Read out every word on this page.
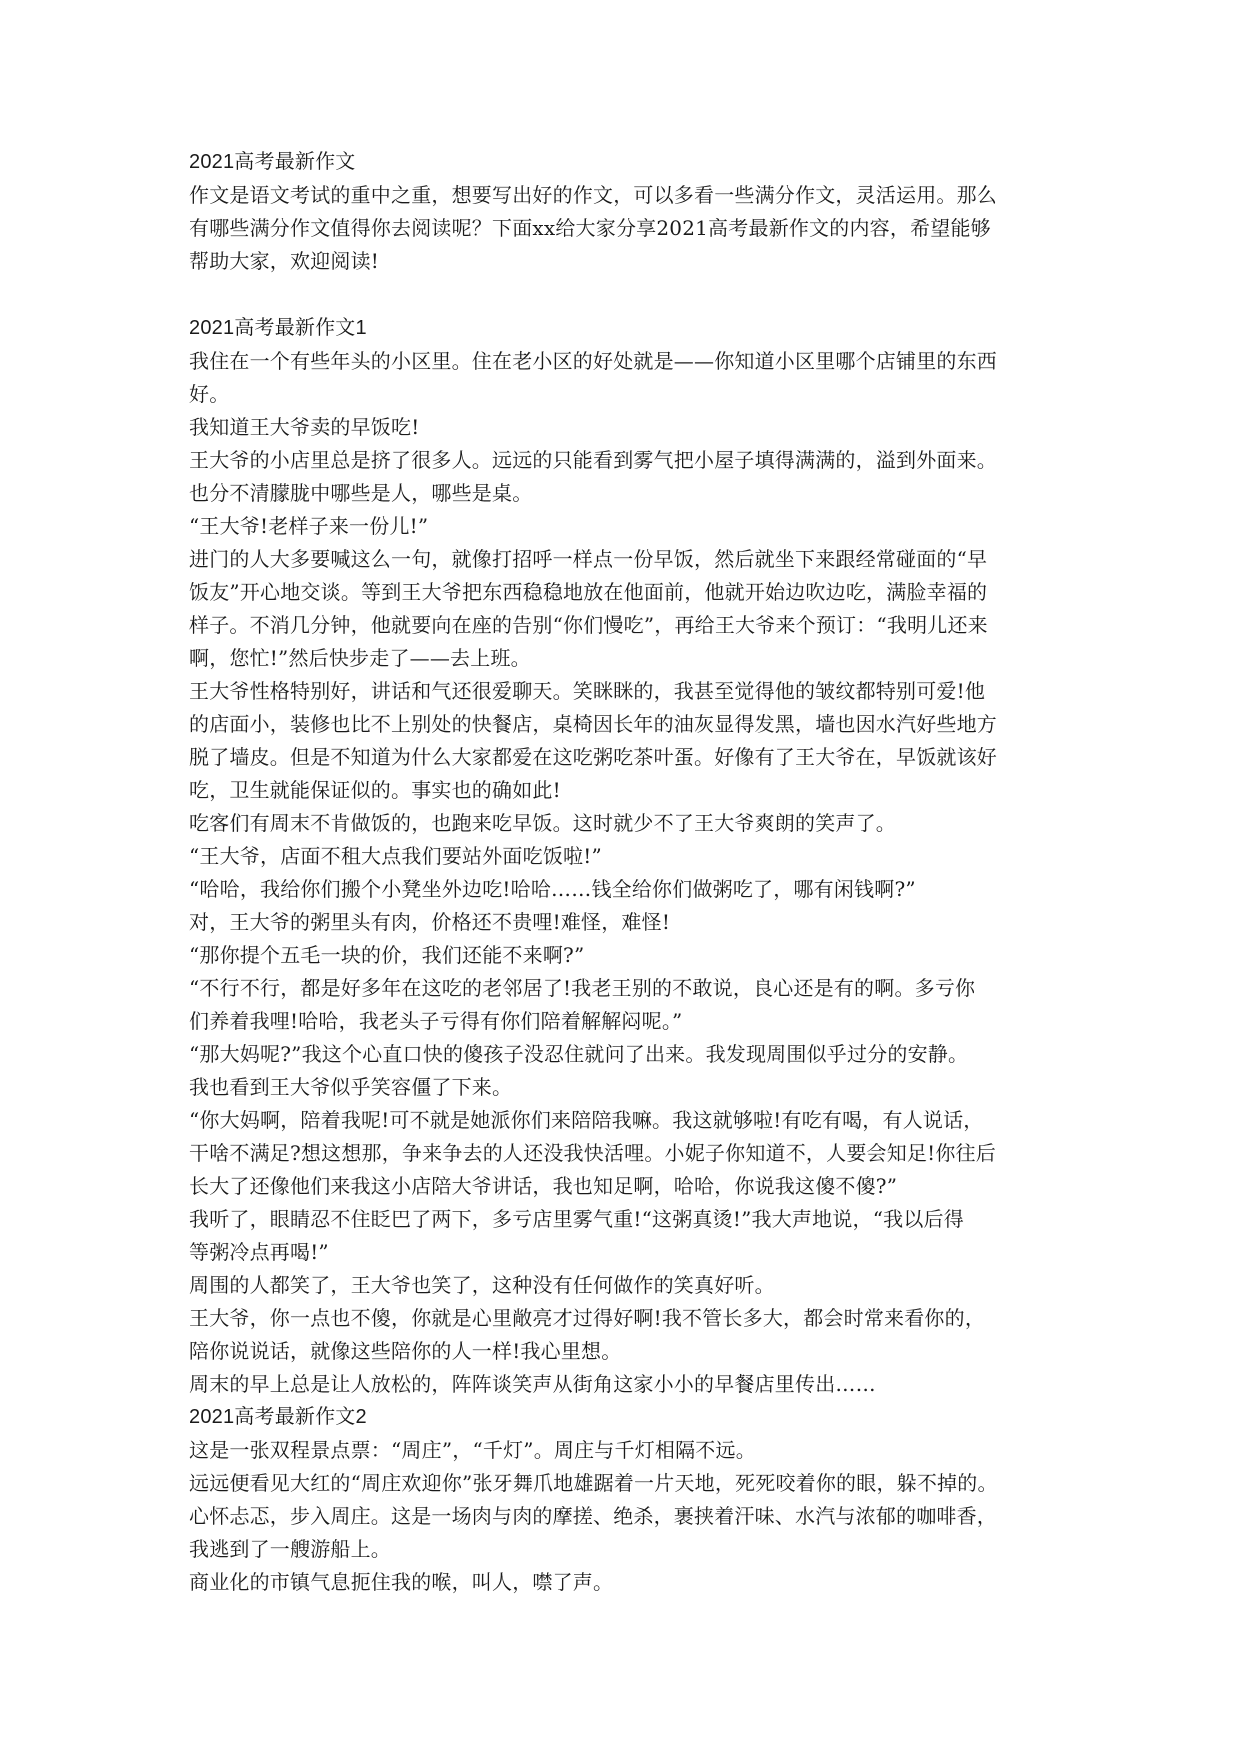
2021高考最新作文
作文是语文考试的重中之重，想要写出好的作文，可以多看一些满分作文，灵活运用。那么
有哪些满分作文值得你去阅读呢？下面xx给大家分享2021高考最新作文的内容，希望能够
帮助大家，欢迎阅读!
2021高考最新作文1
我住在一个有些年头的小区里。住在老小区的好处就是——你知道小区里哪个店铺里的东西
好。
我知道王大爷卖的早饭吃!
王大爷的小店里总是挤了很多人。远远的只能看到雾气把小屋子填得满满的，溢到外面来。
也分不清朦胧中哪些是人，哪些是桌。
“王大爷!老样子来一份儿!”
进门的人大多要喊这么一句，就像打招呼一样点一份早饭，然后就坐下来跟经常碰面的“早
饭友”开心地交谈。等到王大爷把东西稳稳地放在他面前，他就开始边吹边吃，满脸幸福的
样子。不消几分钟，他就要向在座的告别“你们慢吃”，再给王大爷来个预订：“我明儿还来
啊，您忙!”然后快步走了——去上班。
王大爷性格特别好，讲话和气还很爱聊天。笑眯眯的，我甚至觉得他的皱纹都特别可爱!他
的店面小，装修也比不上别处的快餐店，桌椅因长年的油灰显得发黑，墙也因水汽好些地方
脱了墙皮。但是不知道为什么大家都爱在这吃粥吃茶叶蛋。好像有了王大爷在，早饭就该好
吃，卫生就能保证似的。事实也的确如此!
吃客们有周末不肯做饭的，也跑来吃早饭。这时就少不了王大爷爽朗的笑声了。
“王大爷，店面不租大点我们要站外面吃饭啦!”
“哈哈，我给你们搬个小凳坐外边吃!哈哈……钱全给你们做粥吃了，哪有闲钱啊?”
对，王大爷的粥里头有肉，价格还不贵哩!难怪，难怪!
“那你提个五毛一块的价，我们还能不来啊?”
“不行不行，都是好多年在这吃的老邻居了!我老王别的不敢说，良心还是有的啊。多亏你
们养着我哩!哈哈，我老头子亏得有你们陪着解解闷呢。”
“那大妈呢?”我这个心直口快的傻孩子没忍住就问了出来。我发现周围似乎过分的安静。
我也看到王大爷似乎笑容僵了下来。
“你大妈啊，陪着我呢!可不就是她派你们来陪陪我嘛。我这就够啦!有吃有喝，有人说话，
干啥不满足?想这想那，争来争去的人还没我快活哩。小妮子你知道不，人要会知足!你往后
长大了还像他们来我这小店陪大爷讲话，我也知足啊，哈哈，你说我这傻不傻?”
我听了，眼睛忍不住眨巴了两下，多亏店里雾气重!“这粥真烫!”我大声地说，“我以后得
等粥冷点再喝!”
周围的人都笑了，王大爷也笑了，这种没有任何做作的笑真好听。
王大爷，你一点也不傻，你就是心里敞亮才过得好啊!我不管长多大，都会时常来看你的，
陪你说说话，就像这些陪你的人一样!我心里想。
周末的早上总是让人放松的，阵阵谈笑声从街角这家小小的早餐店里传出……
2021高考最新作文2
这是一张双程景点票：“周庄”，“千灯”。周庄与千灯相隔不远。
远远便看见大红的“周庄欢迎你”张牙舞爪地雄踞着一片天地，死死咬着你的眼，躲不掉的。
心怀忐忑，步入周庄。这是一场肉与肉的摩搓、绝杀，裹挟着汗味、水汽与浓郁的咖啡香，
我逃到了一艘游船上。
商业化的市镇气息扼住我的喉，叫人，噤了声。
